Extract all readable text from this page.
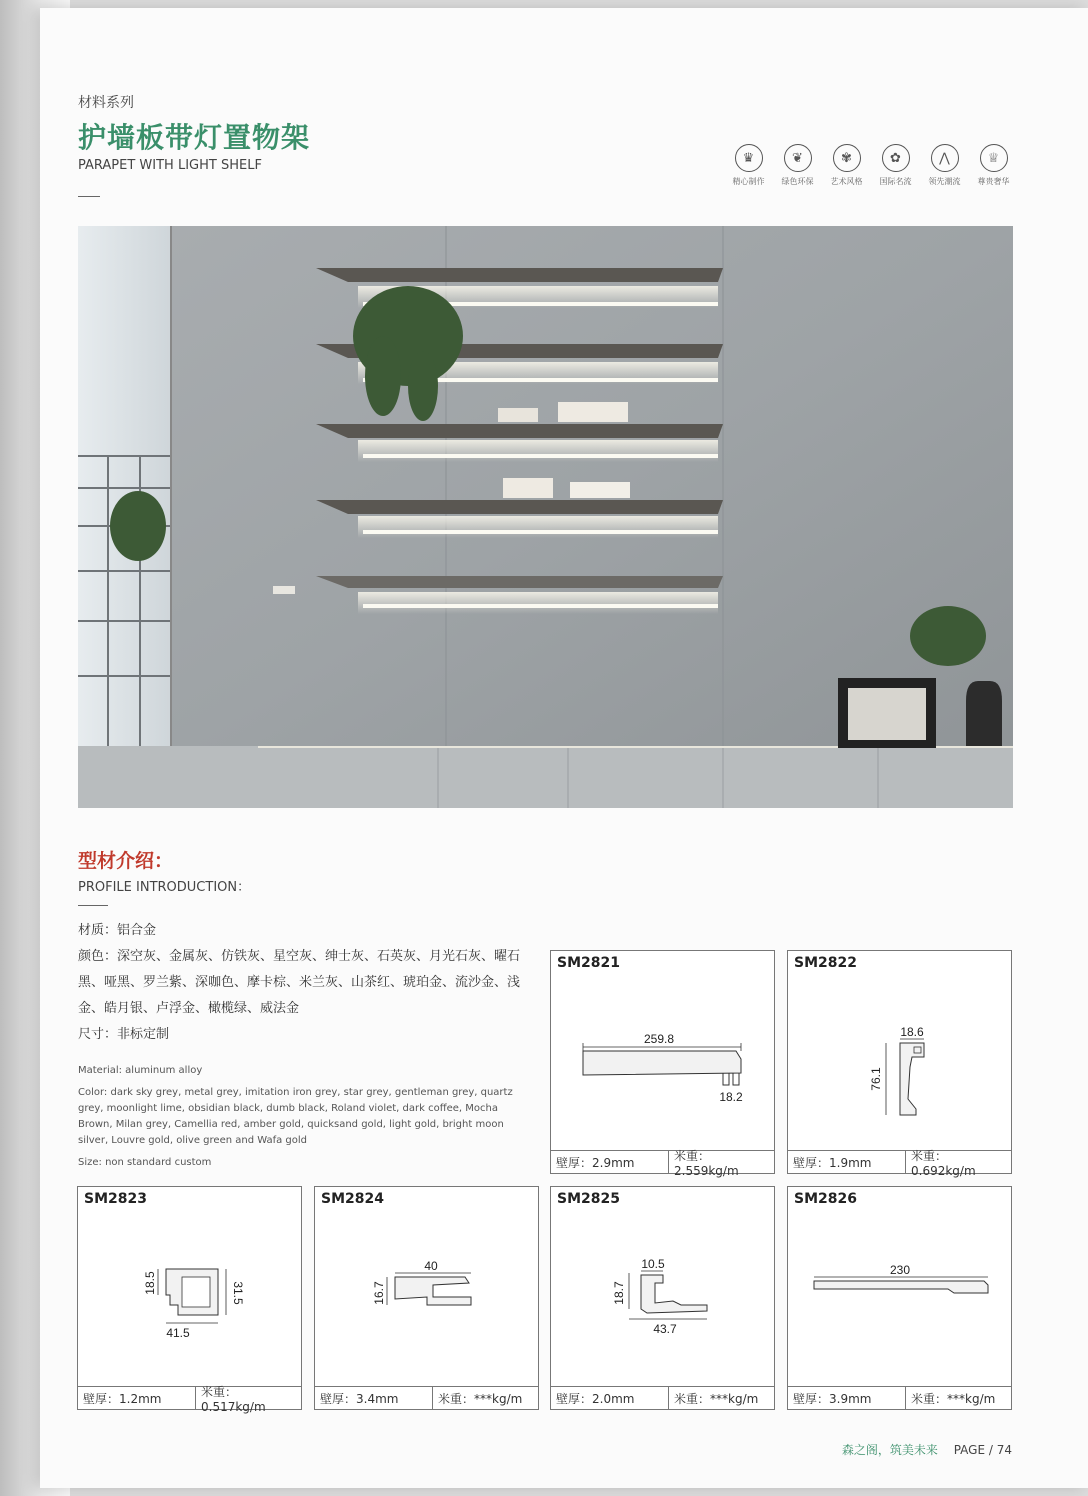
材料系列
护墙板带灯置物架
PARAPET WITH LIGHT SHELF	♛
精心制作
❦
绿色环保
✾
艺术风格
✿
国际名流
⋀
领先潮流
♕
尊贵奢华
型材介绍：
PROFILE INTRODUCTION：
材质：铝合金
颜色：深空灰、金属灰、仿铁灰、星空灰、绅士灰、石英灰、月光石灰、曜石黑、哑黑、罗兰紫、深咖色、摩卡棕、米兰灰、山茶红、琥珀金、流沙金、浅金、皓月银、卢浮金、橄榄绿、威法金
尺寸：非标定制
Material: aluminum alloy
Color: dark sky grey, metal grey, imitation iron grey, star grey, gentleman grey, quartz grey, moonlight lime, obsidian black, dumb black, Roland violet, dark coffee, Mocha Brown, Milan grey, Camellia red, amber gold, quicksand gold, light gold, bright moon silver, Louvre gold, olive green and Wafa gold
Size: non standard custom
SM2821
259.8
18.2
壁厚：2.9mm	米重：2.559kg/m
SM2822
18.6
76.1
壁厚：1.9mm	米重：0.692kg/m
SM2823
18.5	31.5
41.5
壁厚：1.2mm	米重：0.517kg/m
SM2824
40
16.7
壁厚：3.4mm	米重：***kg/m
SM2825
10.5
18.7
43.7
壁厚：2.0mm	米重：***kg/m
SM2826
230
壁厚：3.9mm	米重：***kg/m
森之阁，筑美未来 PAGE / 74
